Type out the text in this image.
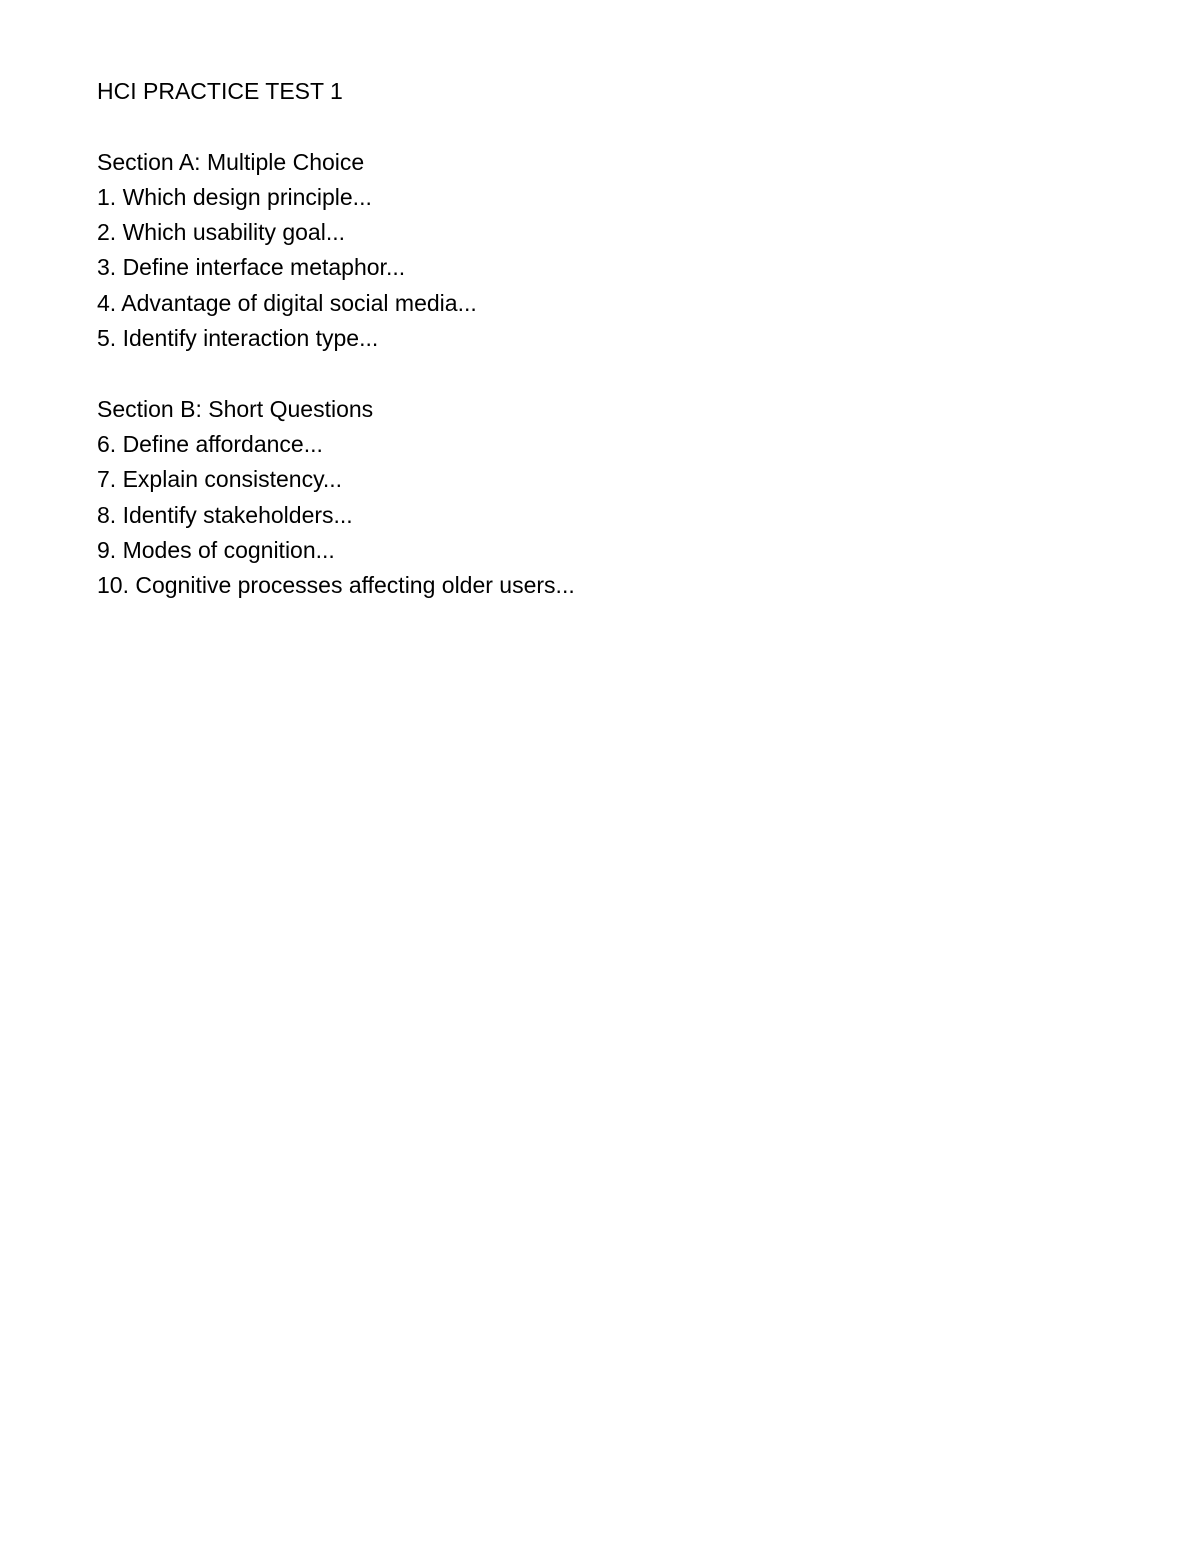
HCI PRACTICE TEST 1
Section A: Multiple Choice
1. Which design principle...
2. Which usability goal...
3. Define interface metaphor...
4. Advantage of digital social media...
5. Identify interaction type...
Section B: Short Questions
6. Define affordance...
7. Explain consistency...
8. Identify stakeholders...
9. Modes of cognition...
10. Cognitive processes affecting older users...
